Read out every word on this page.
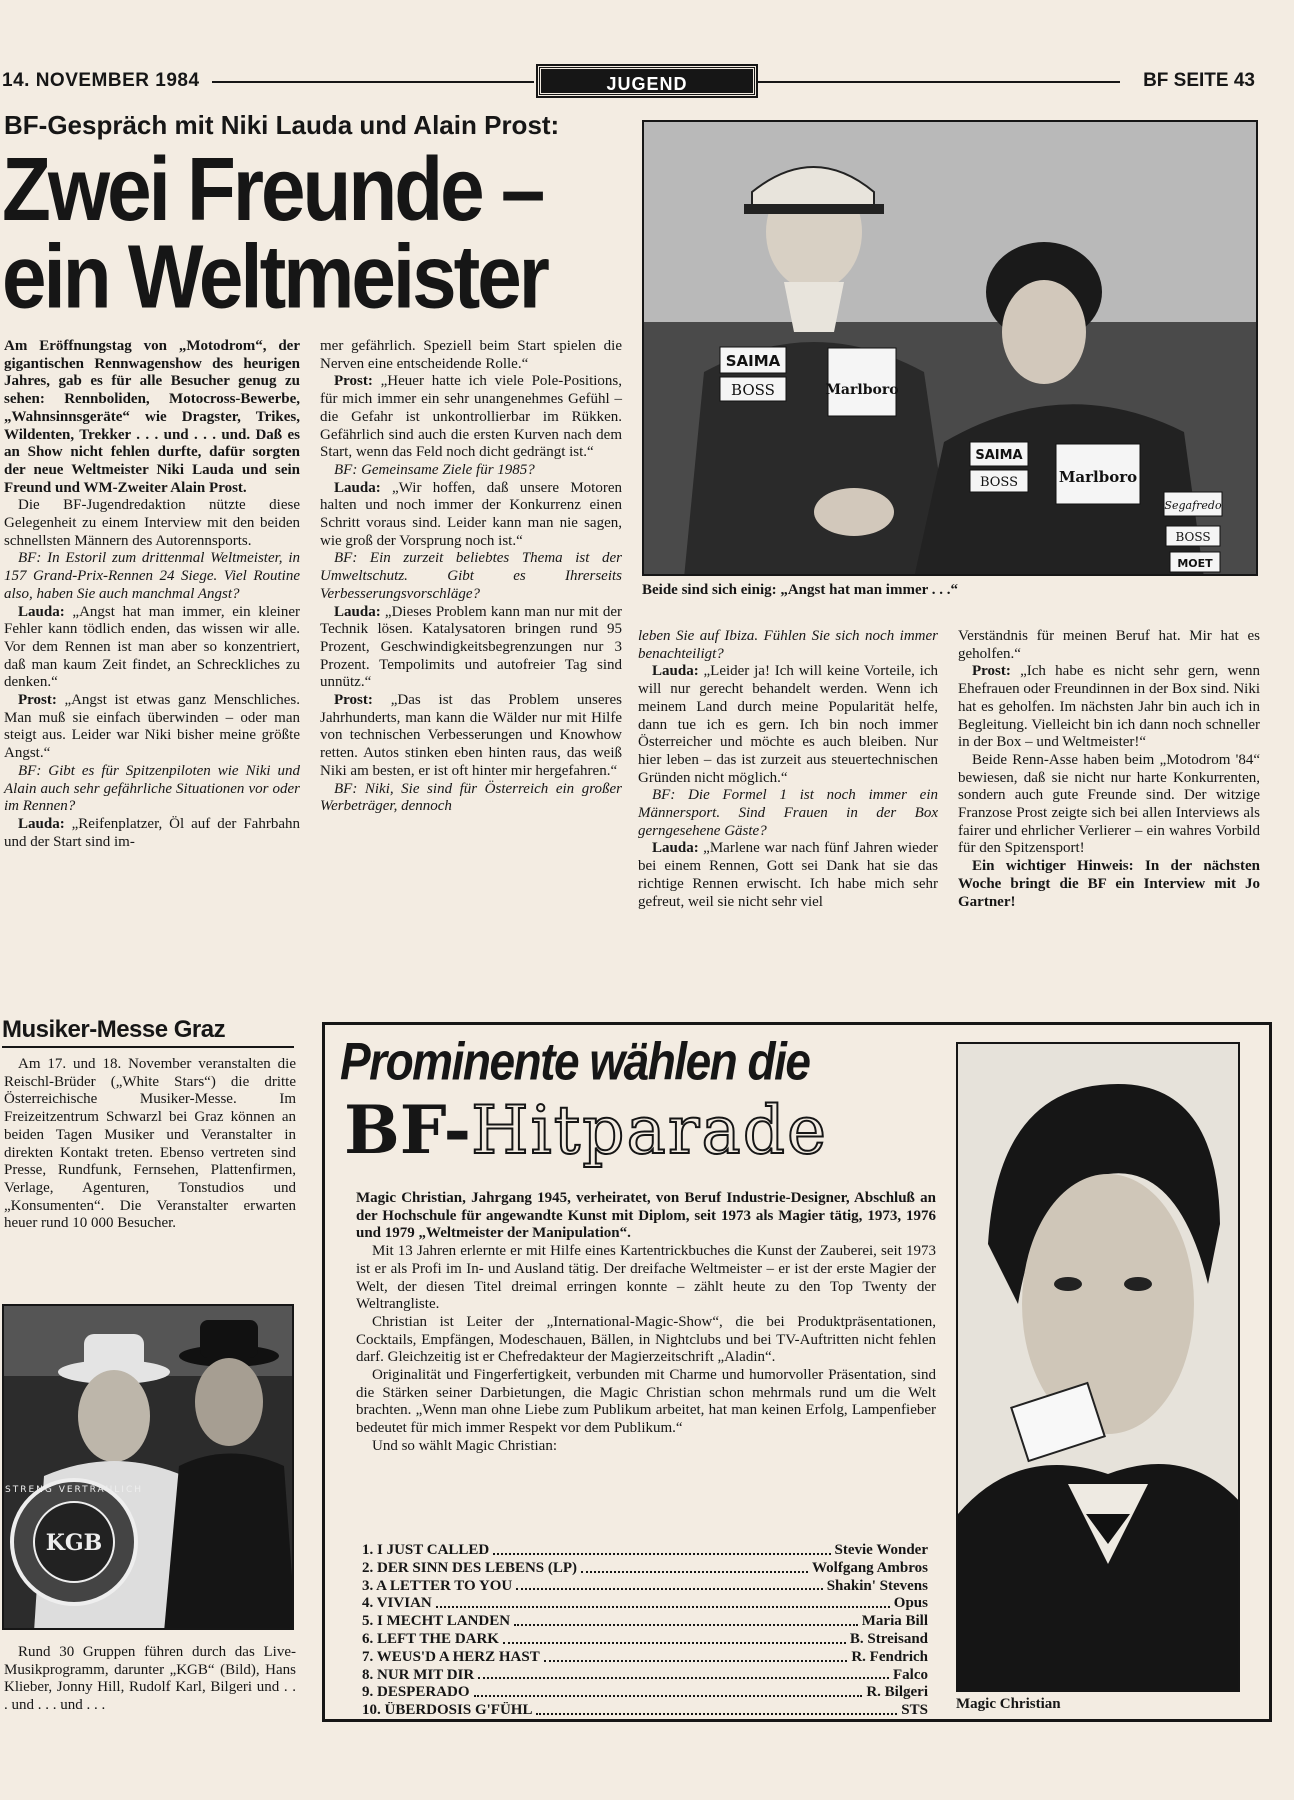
14. NOVEMBER 1984	JUGEND	BF SEITE 43
BF-Gespräch mit Niki Lauda und Alain Prost:
Zwei Freunde –
ein Weltmeister
SAIMA
BOSS	Marlboro
SAIMA
BOSS	Marlboro
Segafredo
BOSS
MOET
Beide sind sich einig: „Angst hat man immer . . .“

Am Eröffnungstag von „Motodrom“, der gigantischen Rennwagenshow des heurigen Jahres, gab es für alle Besucher genug zu sehen: Rennboliden, Motocross-Bewerbe, „Wahnsinnsgeräte“ wie Dragster, Trikes, Wildenten, Trekker . . . und . . . und. Daß es an Show nicht fehlen durfte, dafür sorgten der neue Weltmeister Niki Lauda und sein Freund und WM-Zweiter Alain Prost.

Die BF-Jugendredaktion nützte diese Gelegenheit zu einem Interview mit den beiden schnellsten Männern des Autorennsports.

BF: In Estoril zum drittenmal Weltmeister, in 157 Grand-Prix-Rennen 24 Siege. Viel Routine also, haben Sie auch manchmal Angst?

Lauda: „Angst hat man immer, ein kleiner Fehler kann tödlich enden, das wissen wir alle. Vor dem Rennen ist man aber so konzentriert, daß man kaum Zeit findet, an Schreckliches zu denken.“

Prost: „Angst ist etwas ganz Menschliches. Man muß sie einfach überwinden – oder man steigt aus. Leider war Niki bisher meine größte Angst.“

BF: Gibt es für Spitzenpiloten wie Niki und Alain auch sehr gefährliche Situationen vor oder im Rennen?

Lauda: „Reifenplatzer, Öl auf der Fahrbahn und der Start sind im-

mer gefährlich. Speziell beim Start spielen die Nerven eine entscheidende Rolle.“

Prost: „Heuer hatte ich viele Pole-Positions, für mich immer ein sehr unangenehmes Gefühl – die Gefahr ist unkontrollierbar im Rükken. Gefährlich sind auch die ersten Kurven nach dem Start, wenn das Feld noch dicht gedrängt ist.“

BF: Gemeinsame Ziele für 1985?

Lauda: „Wir hoffen, daß unsere Motoren halten und noch immer der Konkurrenz einen Schritt voraus sind. Leider kann man nie sagen, wie groß der Vorsprung noch ist.“

BF: Ein zurzeit beliebtes Thema ist der Umweltschutz. Gibt es Ihrerseits Verbesserungsvorschläge?

Lauda: „Dieses Problem kann man nur mit der Technik lösen. Katalysatoren bringen rund 95 Prozent, Geschwindigkeitsbegrenzungen nur 3 Prozent. Tempolimits und autofreier Tag sind unnütz.“

Prost: „Das ist das Problem unseres Jahrhunderts, man kann die Wälder nur mit Hilfe von technischen Verbesserungen und Knowhow retten. Autos stinken eben hinten raus, das weiß Niki am besten, er ist oft hinter mir hergefahren.“

BF: Niki, Sie sind für Österreich ein großer Werbeträger, dennoch

leben Sie auf Ibiza. Fühlen Sie sich noch immer benachteiligt?

Lauda: „Leider ja! Ich will keine Vorteile, ich will nur gerecht behandelt werden. Wenn ich meinem Land durch meine Popularität helfe, dann tue ich es gern. Ich bin noch immer Österreicher und möchte es auch bleiben. Nur hier leben – das ist zurzeit aus steuertechnischen Gründen nicht möglich.“

BF: Die Formel 1 ist noch immer ein Männersport. Sind Frauen in der Box gerngesehene Gäste?

Lauda: „Marlene war nach fünf Jahren wieder bei einem Rennen, Gott sei Dank hat sie das richtige Rennen erwischt. Ich habe mich sehr gefreut, weil sie nicht sehr viel

Verständnis für meinen Beruf hat. Mir hat es geholfen.“

Prost: „Ich habe es nicht sehr gern, wenn Ehefrauen oder Freundinnen in der Box sind. Niki hat es geholfen. Im nächsten Jahr bin auch ich in Begleitung. Vielleicht bin ich dann noch schneller in der Box – und Weltmeister!“

Beide Renn-Asse haben beim „Motodrom '84“ bewiesen, daß sie nicht nur harte Konkurrenten, sondern auch gute Freunde sind. Der witzige Franzose Prost zeigte sich bei allen Interviews als fairer und ehrlicher Verlierer – ein wahres Vorbild für den Spitzensport!

Ein wichtiger Hinweis: In der nächsten Woche bringt die BF ein Interview mit Jo Gartner!

Musiker-Messe Graz

Am 17. und 18. November veranstalten die Reischl-Brüder („White Stars“) die dritte Österreichische Musiker-Messe. Im Freizeitzentrum Schwarzl bei Graz können an beiden Tagen Musiker und Veranstalter in direkten Kontakt treten. Ebenso vertreten sind Presse, Rundfunk, Fernsehen, Plattenfirmen, Verlage, Agenturen, Tonstudios und „Konsumenten“. Die Veranstalter erwarten heuer rund 10 000 Besucher.

KGB
STRENG VERTRAULICH

Rund 30 Gruppen führen durch das Live-Musikprogramm, darunter „KGB“ (Bild), Hans Klieber, Jonny Hill, Rudolf Karl, Bilgeri und . . . und . . . und . . .

Prominente wählen die
BF- Hitparade

Magic Christian, Jahrgang 1945, verheiratet, von Beruf Industrie-Designer, Abschluß an der Hochschule für angewandte Kunst mit Diplom, seit 1973 als Magier tätig, 1973, 1976 und 1979 „Weltmeister der Manipulation“.

Mit 13 Jahren erlernte er mit Hilfe eines Kartentrickbuches die Kunst der Zauberei, seit 1973 ist er als Profi im In- und Ausland tätig. Der dreifache Weltmeister – er ist der erste Magier der Welt, der diesen Titel dreimal erringen konnte – zählt heute zu den Top Twenty der Weltrangliste.

Christian ist Leiter der „International-Magic-Show“, die bei Produktpräsentationen, Cocktails, Empfängen, Modeschauen, Bällen, in Nightclubs und bei TV-Auftritten nicht fehlen darf. Gleichzeitig ist er Chefredakteur der Magierzeitschrift „Aladin“.

Originalität und Fingerfertigkeit, verbunden mit Charme und humorvoller Präsentation, sind die Stärken seiner Darbietungen, die Magic Christian schon mehrmals rund um die Welt brachten. „Wenn man ohne Liebe zum Publikum arbeitet, hat man keinen Erfolg, Lampenfieber bedeutet für mich immer Respekt vor dem Publikum.“

Und so wählt Magic Christian:

1. I JUST CALLED	Stevie Wonder
2. DER SINN DES LEBENS (LP)	Wolfgang Ambros
3. A LETTER TO YOU	Shakin' Stevens
4. VIVIAN	Opus
5. I MECHT LANDEN	Maria Bill
6. LEFT THE DARK	B. Streisand
7. WEUS'D A HERZ HAST	R. Fendrich
8. NUR MIT DIR	Falco
9. DESPERADO	R. Bilgeri
10. ÜBERDOSIS G'FÜHL	STS Magic Christian
